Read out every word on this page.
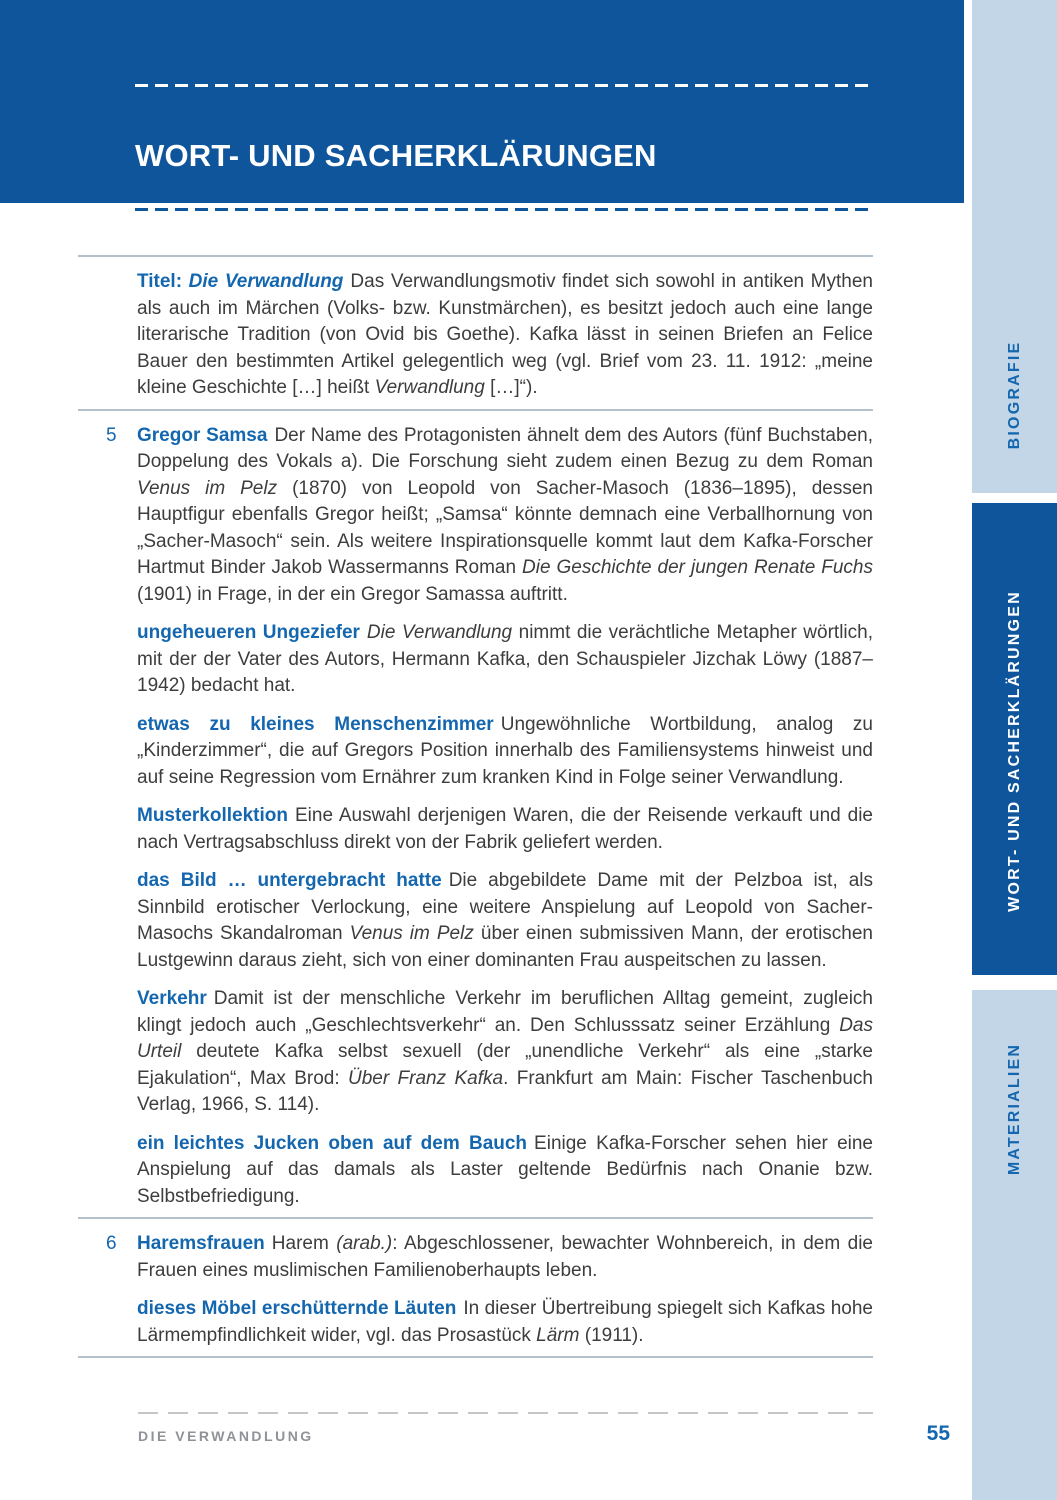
WORT- UND SACHERKLÄRUNGEN

Titel: Die Verwandlung Das Verwandlungsmotiv findet sich sowohl in antiken Mythen als auch im Märchen (Volks- bzw. Kunstmärchen), es besitzt jedoch auch eine lange literarische Tradition (von Ovid bis Goethe). Kafka lässt in seinen Briefen an Felice Bauer den bestimmten Artikel gelegentlich weg (vgl. Brief vom 23. 11. 1912: „meine kleine Geschichte […] heißt Verwandlung […]“).

5 Gregor Samsa Der Name des Protagonisten ähnelt dem des Autors (fünf Buchstaben, Doppelung des Vokals a). Die Forschung sieht zudem einen Bezug zu dem Roman Venus im Pelz (1870) von Leopold von Sacher-Masoch (1836–1895), dessen Hauptfigur ebenfalls Gregor heißt; „Samsa“ könnte demnach eine Verballhornung von „Sacher-Masoch“ sein. Als weitere Inspirationsquelle kommt laut dem Kafka-Forscher Hartmut Binder Jakob Wassermanns Roman Die Geschichte der jungen Renate Fuchs (1901) in Frage, in der ein Gregor Samassa auftritt.

ungeheueren Ungeziefer Die Verwandlung nimmt die verächtliche Metapher wörtlich, mit der der Vater des Autors, Hermann Kafka, den Schauspieler Jizchak Löwy (1887–1942) bedacht hat.

etwas zu kleines Menschenzimmer Ungewöhnliche Wortbildung, analog zu „Kinderzimmer“, die auf Gregors Position innerhalb des Familiensystems hinweist und auf seine Regression vom Ernährer zum kranken Kind in Folge seiner Verwandlung.

Musterkollektion Eine Auswahl derjenigen Waren, die der Reisende verkauft und die nach Vertragsabschluss direkt von der Fabrik geliefert werden.

das Bild … untergebracht hatte Die abgebildete Dame mit der Pelzboa ist, als Sinnbild erotischer Verlockung, eine weitere Anspielung auf Leopold von Sacher-Masochs Skandalroman Venus im Pelz über einen submissiven Mann, der erotischen Lustgewinn daraus zieht, sich von einer dominanten Frau auspeitschen zu lassen.

Verkehr Damit ist der menschliche Verkehr im beruflichen Alltag gemeint, zugleich klingt jedoch auch „Geschlechtsverkehr“ an. Den Schlusssatz seiner Erzählung Das Urteil deutete Kafka selbst sexuell (der „unendliche Verkehr“ als eine „starke Ejakulation“, Max Brod: Über Franz Kafka. Frankfurt am Main: Fischer Taschenbuch Verlag, 1966, S. 114).

ein leichtes Jucken oben auf dem Bauch Einige Kafka-Forscher sehen hier eine Anspielung auf das damals als Laster geltende Bedürfnis nach Onanie bzw. Selbstbefriedigung.

6 Haremsfrauen Harem (arab.): Abgeschlossener, bewachter Wohnbereich, in dem die Frauen eines muslimischen Familienoberhaupts leben.

dieses Möbel erschütternde Läuten In dieser Übertreibung spiegelt sich Kafkas hohe Lärmempfindlichkeit wider, vgl. das Prosastück Lärm (1911).

BIOGRAFIE
WORT- UND SACHERKLÄRUNGEN
MATERIALIEN
DIE VERWANDLUNG	55
